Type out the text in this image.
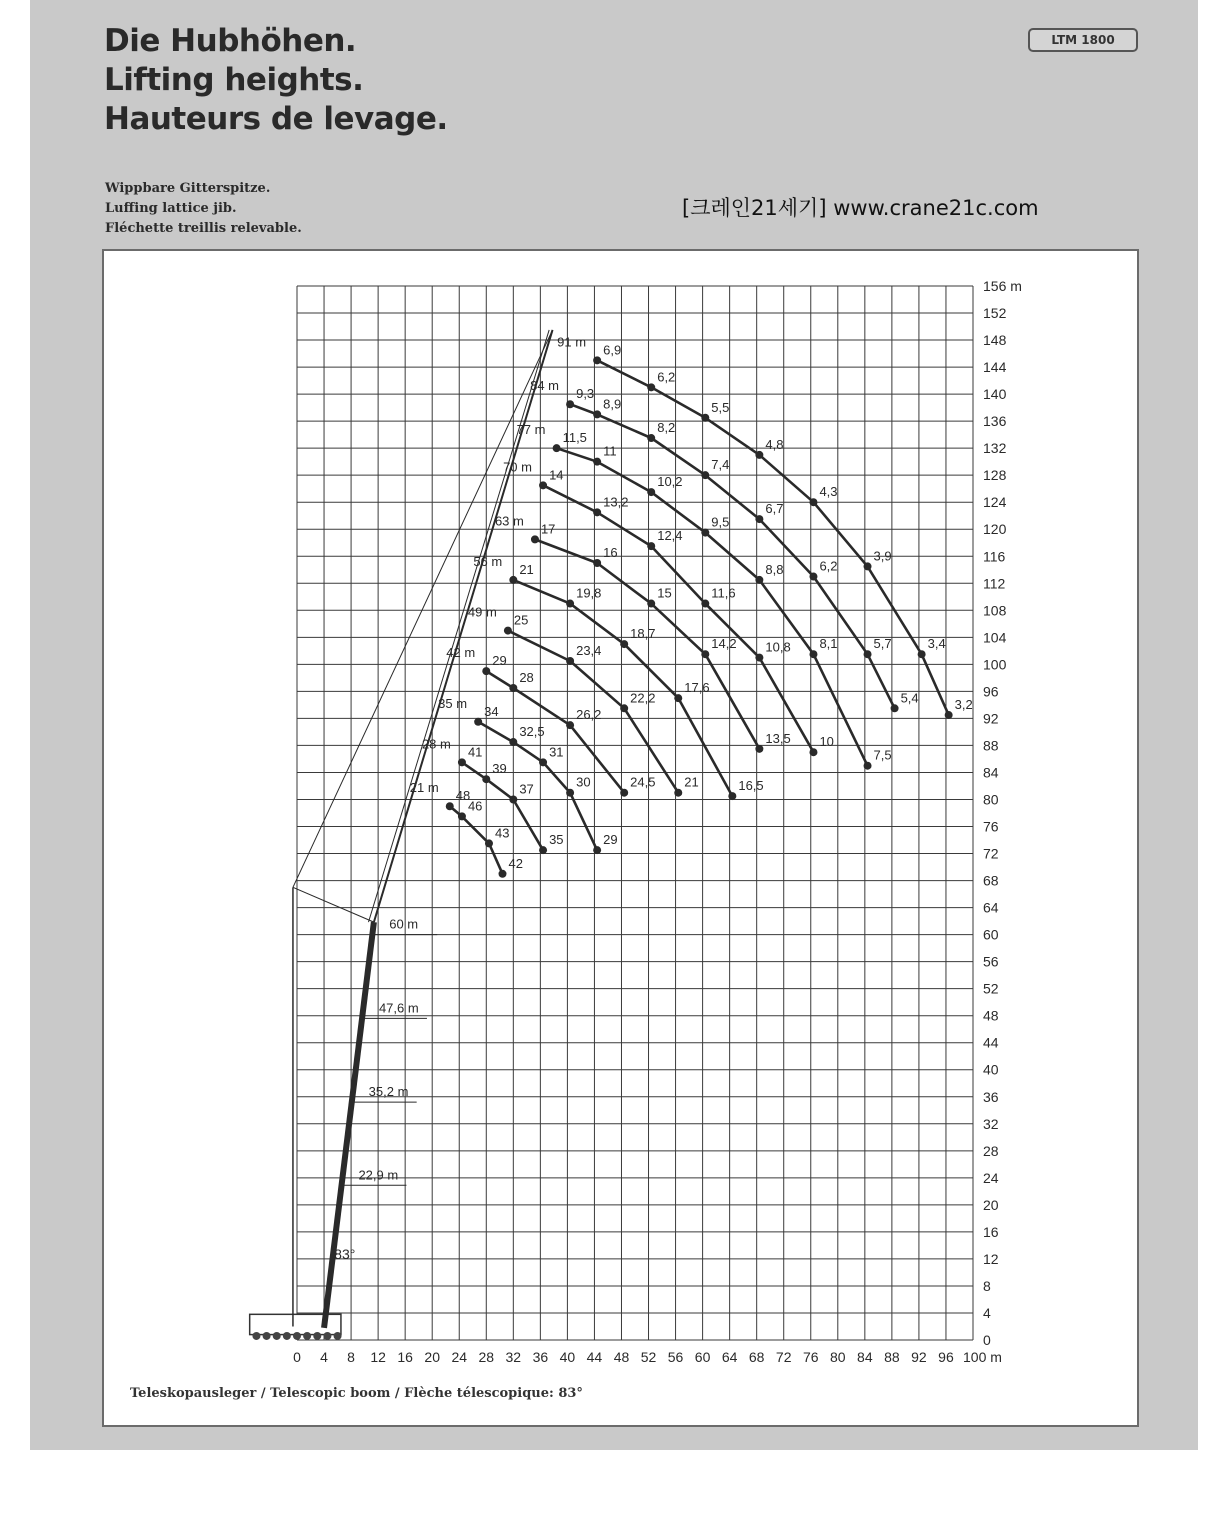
Die Hubhöhen.
Lifting heights.
Hauteurs de levage.
LTM 1800
Wippbare Gitterspitze.
Luffing lattice jib.
Fléchette treillis relevable.
[크레인21세기] www.crane21c.com
0 4 8 12 16 20 24 28 32 36 40 44 48 52 56 60 64 68 72 76 80 84 88 92 96 100 m
0
4
8
12
16
20
24
28
32
36
40
44
48
52
56
60
64
68
72
76
80
84
88
92
96
100
104
108
112
116
120
124
128
132
136
140
144
148
152
156 m
83°
22,9 m
35,2 m
47,6 m
60 m
21 m
48
46
43
42
28 m
41
39
37
35
35 m
34
32,5
31
30
29
42 m
29
28
26,2
24,5
49 m
25
23,4
22,2
21
56 m
21
19,8
18,7
17,6
16,5
63 m
17
16
15
14,2
13,5
70 m
14
13,2
12,4
11,6
10,8
10
77 m
11,5
11
10,2
9,5
8,8
8,1
7,5
84 m
9,3
8,9
8,2
7,4
6,7
6,2
5,7
5,4
91 m
6,9
6,2
5,5
4,8
4,3
3,9
3,4
3,2
Teleskopausleger / Telescopic boom / Flèche télescopique: 83°
